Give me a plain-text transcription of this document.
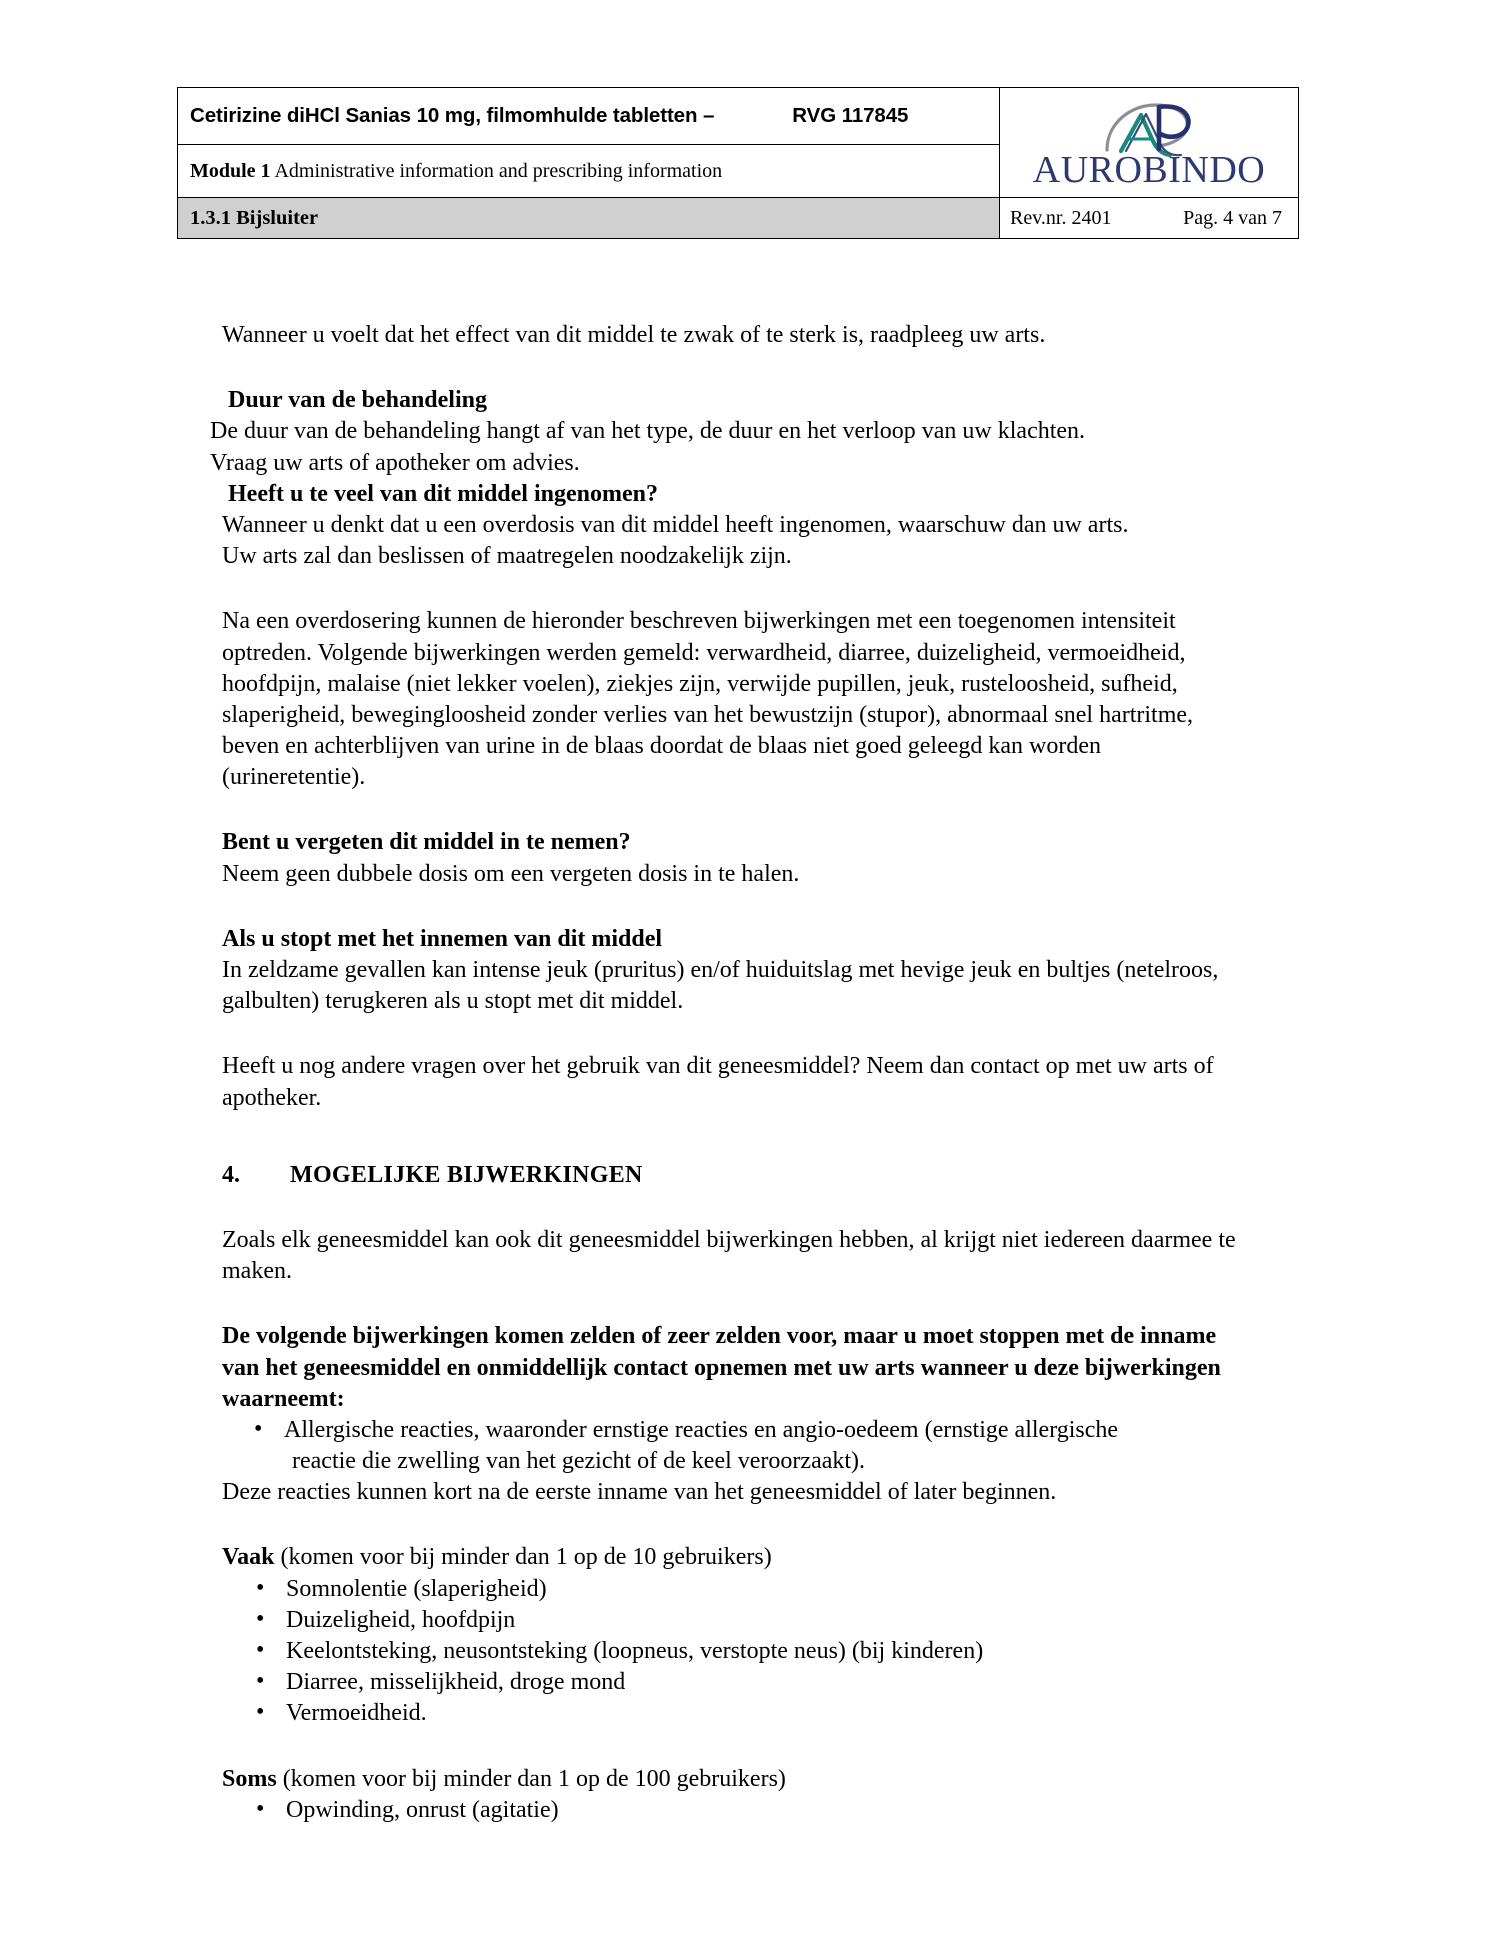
Cetirizine diHCl Sanias 10 mg, filmomhulde tabletten – RVG 117845	AUROBINDO

Module 1 Administrative information and prescribing information	
1.3.1 Bijsluiter	Rev.nr. 2401 Pag. 4 van 7

Wanneer u voelt dat het effect van dit middel te zwak of te sterk is, raadpleeg uw arts.

Duur van de behandeling

De duur van de behandeling hangt af van het type, de duur en het verloop van uw klachten.

Vraag uw arts of apotheker om advies.

Heeft u te veel van dit middel ingenomen?

Wanneer u denkt dat u een overdosis van dit middel heeft ingenomen, waarschuw dan uw arts.

Uw arts zal dan beslissen of maatregelen noodzakelijk zijn.

Na een overdosering kunnen de hieronder beschreven bijwerkingen met een toegenomen intensiteit optreden. Volgende bijwerkingen werden gemeld: verwardheid, diarree, duizeligheid, vermoeidheid, hoofdpijn, malaise (niet lekker voelen), ziekjes zijn, verwijde pupillen, jeuk, rusteloosheid, sufheid, slaperigheid, bewegingloosheid zonder verlies van het bewustzijn (stupor), abnormaal snel hartritme, beven en achterblijven van urine in de blaas doordat de blaas niet goed geleegd kan worden (urineretentie).

Bent u vergeten dit middel in te nemen?

Neem geen dubbele dosis om een vergeten dosis in te halen.

Als u stopt met het innemen van dit middel

In zeldzame gevallen kan intense jeuk (pruritus) en/of huiduitslag met hevige jeuk en bultjes (netelroos, galbulten) terugkeren als u stopt met dit middel.

Heeft u nog andere vragen over het gebruik van dit geneesmiddel? Neem dan contact op met uw arts of apotheker.

4.	MOGELIJKE BIJWERKINGEN

Zoals elk geneesmiddel kan ook dit geneesmiddel bijwerkingen hebben, al krijgt niet iedereen daarmee te maken.

De volgende bijwerkingen komen zelden of zeer zelden voor, maar u moet stoppen met de inname van het geneesmiddel en onmiddellijk contact opnemen met uw arts wanneer u deze bijwerkingen waarneemt:

• Allergische reacties, waaronder ernstige reacties en angio-oedeem (ernstige allergische
reactie die zwelling van het gezicht of de keel veroorzaakt).

Deze reacties kunnen kort na de eerste inname van het geneesmiddel of later beginnen.

Vaak (komen voor bij minder dan 1 op de 10 gebruikers)

• Somnolentie (slaperigheid)
• Duizeligheid, hoofdpijn
• Keelontsteking, neusontsteking (loopneus, verstopte neus) (bij kinderen)
• Diarree, misselijkheid, droge mond
• Vermoeidheid.

Soms (komen voor bij minder dan 1 op de 100 gebruikers)

• Opwinding, onrust (agitatie)
